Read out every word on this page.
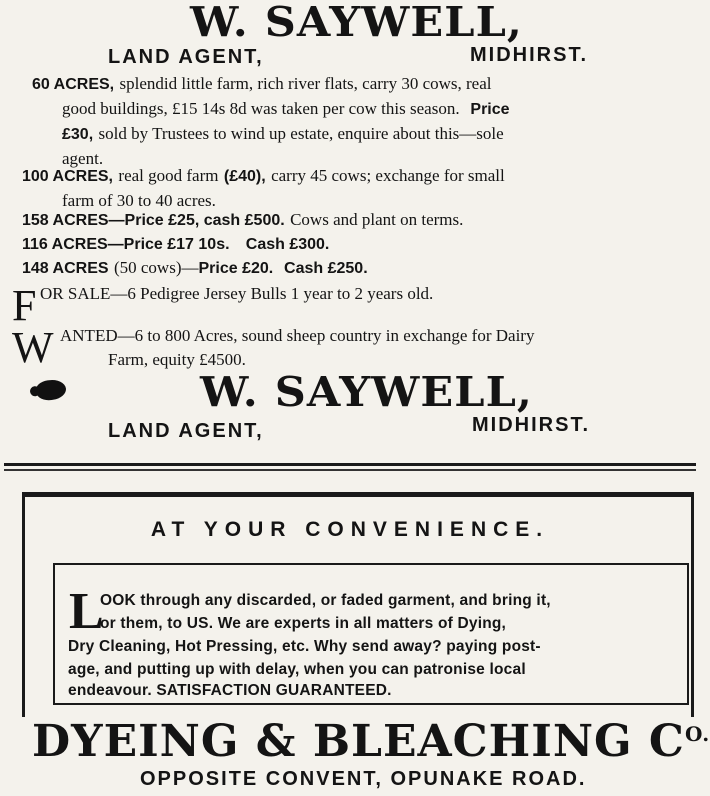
W. SAYWELL,
LAND AGENT,	MIDHIRST.
60 ACRES, splendid little farm, rich river flats, carry 30 cows, real
good buildings, £15 14s 8d was taken per cow this season. Price
£30, sold by Trustees to wind up estate, enquire about this—sole
agent.
100 ACRES, real good farm (£40), carry 45 cows; exchange for small
farm of 30 to 40 acres.
158 ACRES—Price £25, cash £500. Cows and plant on terms.
116 ACRES—Price £17 10s. Cash £300.
148 ACRES (50 cows)—Price £20. Cash £250.
F OR SALE—6 Pedigree Jersey Bulls 1 year to 2 years old.
W ANTED—6 to 800 Acres, sound sheep country in exchange for Dairy
Farm, equity £4500.
W. SAYWELL,
LAND AGENT,	MIDHIRST.
AT YOUR CONVENIENCE.
L
OOK through any discarded, or faded garment, and bring it,
or them, to US. We are experts in all matters of Dying,
Dry Cleaning, Hot Pressing, etc. Why send away? paying post-
age, and putting up with delay, when you can patronise local
endeavour. SATISFACTION GUARANTEED.
DYEING & BLEACHING $C^{O.}$
OPPOSITE CONVENT, OPUNAKE ROAD.
